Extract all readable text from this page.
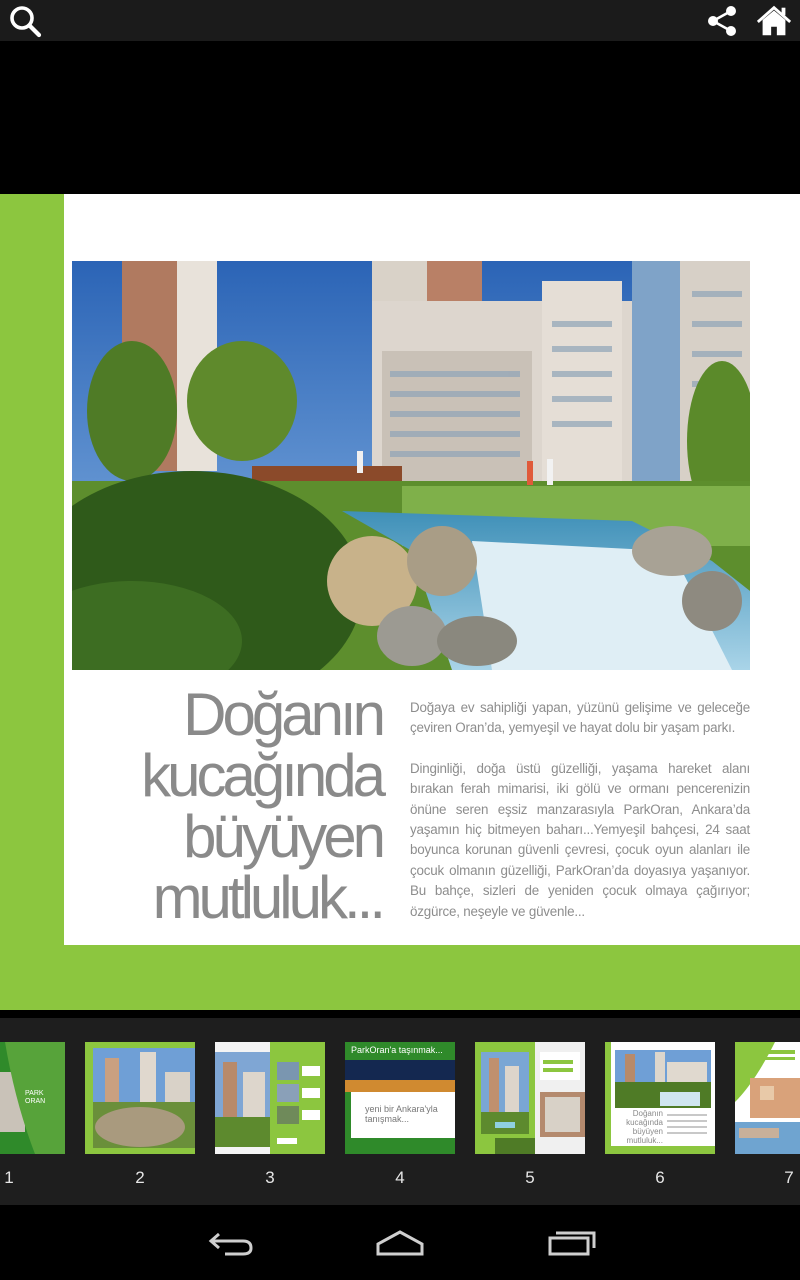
Doğanın
kucağında
büyüyen
mutluluk...

Doğaya ev sahipliği yapan, yüzünü gelişime ve geleceğe çeviren Oran’da, yemyeşil ve hayat dolu bir yaşam parkı.

Dinginliği, doğa üstü güzelliği, yaşama hareket alanı bırakan ferah mimarisi, iki gölü ve ormanı pencerenizin önüne seren eşsiz manzarasıyla ParkOran, Ankara’da yaşamın hiç bitmeyen baharı...Yemyeşil bahçesi, 24 saat boyunca korunan güvenli çevresi, çocuk oyun alanları ile çocuk olmanın güzelliği, ParkOran’da doyasıya yaşanıyor. Bu bahçe, sizleri de yeniden çocuk olmaya çağırıyor; özgürce, neşeyle ve güvenle...

PARK ORAN
ParkOran'a taşınmak...
yeni bir Ankara'yla
tanışmak...
Doğanın
kucağında
büyüyen
mutluluk...
1	2	3	4	5	6	7
